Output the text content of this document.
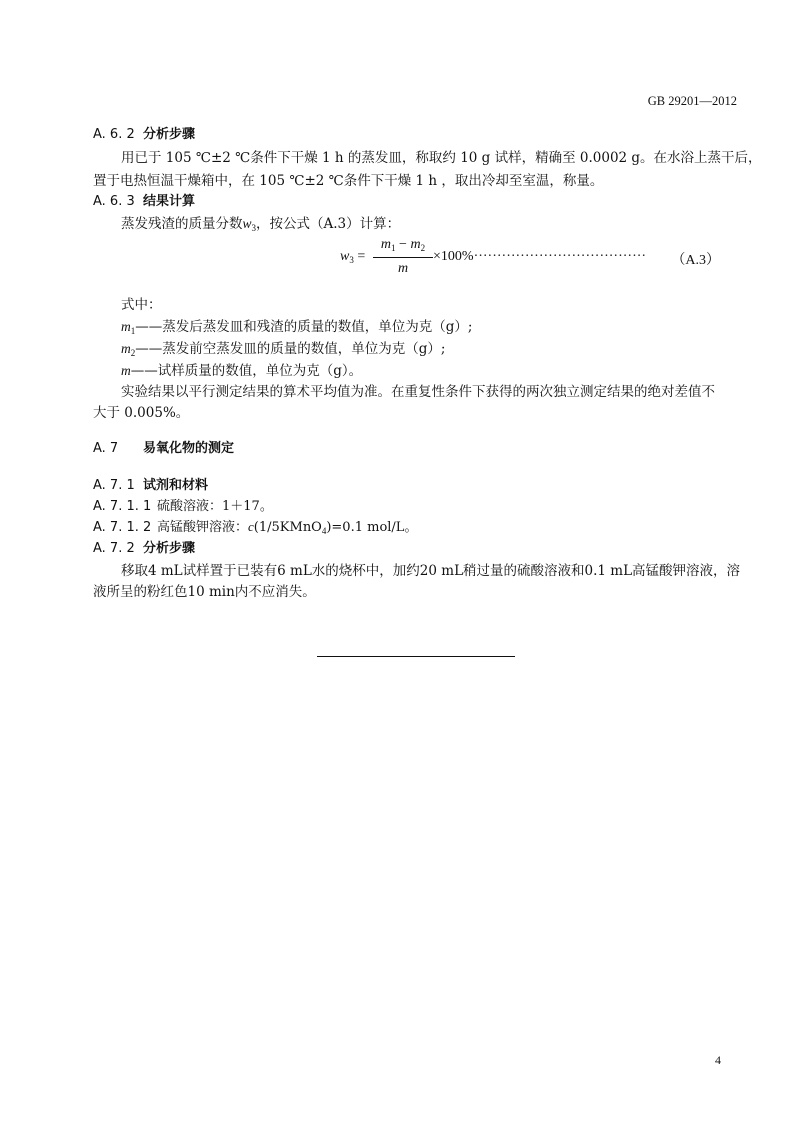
GB 29201—2012
A. 6. 2 分析步骤
用已于 105 ℃±2 ℃条件下干燥 1 h 的蒸发皿，称取约 10 g 试样，精确至 0.0002 g。在水浴上蒸干后，
置于电热恒温干燥箱中，在 105 ℃±2 ℃条件下干燥 1 h ，取出冷却至室温，称量。
A. 6. 3 结果计算
蒸发残渣的质量分数$w_3$，按公式（A.3）计算：
$w_3$ =
$m_1 - m_2$
m
×100%····································· （A.3）
式中：
$m_1——$蒸发后蒸发皿和残渣的质量的数值，单位为克（g）;
$m_2——$蒸发前空蒸发皿的质量的数值，单位为克（g）;
m——试样质量的数值，单位为克（g）。
实验结果以平行测定结果的算术平均值为准。在重复性条件下获得的两次独立测定结果的绝对差值不
大于 0.005%。
A. 7 易氧化物的测定
A. 7. 1 试剂和材料
A. 7. 1. 1 硫酸溶液：1＋17。
A. 7. 1. 2 高锰酸钾溶液：c(1/5KMnO$_4$)=0.1 mol/L。
A. 7. 2 分析步骤
移取4 mL试样置于已装有6 mL水的烧杯中，加约20 mL稍过量的硫酸溶液和0.1 mL高锰酸钾溶液，溶
液所呈的粉红色10 min内不应消失。
4
